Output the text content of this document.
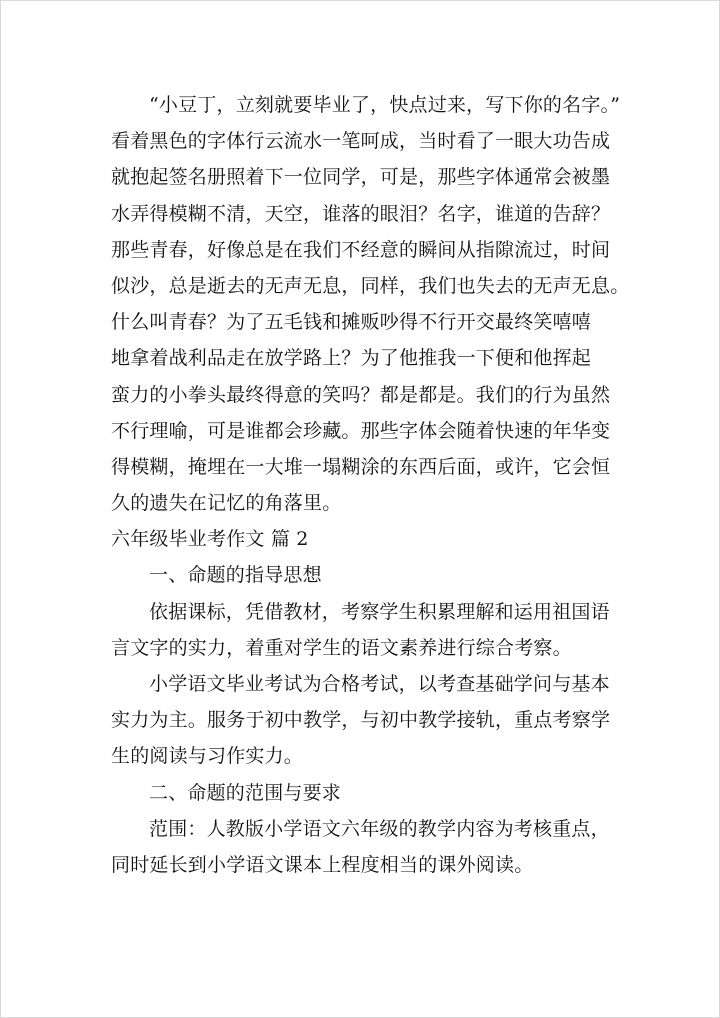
“小豆丁，立刻就要毕业了，快点过来，写下你的名字。”
看着黑色的字体行云流水一笔呵成，当时看了一眼大功告成
就抱起签名册照着下一位同学，可是，那些字体通常会被墨
水弄得模糊不清，天空，谁落的眼泪？名字，谁道的告辞？
那些青春，好像总是在我们不经意的瞬间从指隙流过，时间
似沙，总是逝去的无声无息，同样，我们也失去的无声无息。
什么叫青春？为了五毛钱和摊贩吵得不行开交最终笑嘻嘻
地拿着战利品走在放学路上？为了他推我一下便和他挥起
蛮力的小拳头最终得意的笑吗？都是都是。我们的行为虽然
不行理喻，可是谁都会珍藏。那些字体会随着快速的年华变
得模糊，掩埋在一大堆一塌糊涂的东西后面，或许，它会恒
久的遗失在记忆的角落里。
六年级毕业考作文 篇 2
一、命题的指导思想
依据课标，凭借教材，考察学生积累理解和运用祖国语
言文字的实力，着重对学生的语文素养进行综合考察。
小学语文毕业考试为合格考试，以考查基础学问与基本
实力为主。服务于初中教学，与初中教学接轨，重点考察学
生的阅读与习作实力。
二、命题的范围与要求
范围：人教版小学语文六年级的教学内容为考核重点，
同时延长到小学语文课本上程度相当的课外阅读。
